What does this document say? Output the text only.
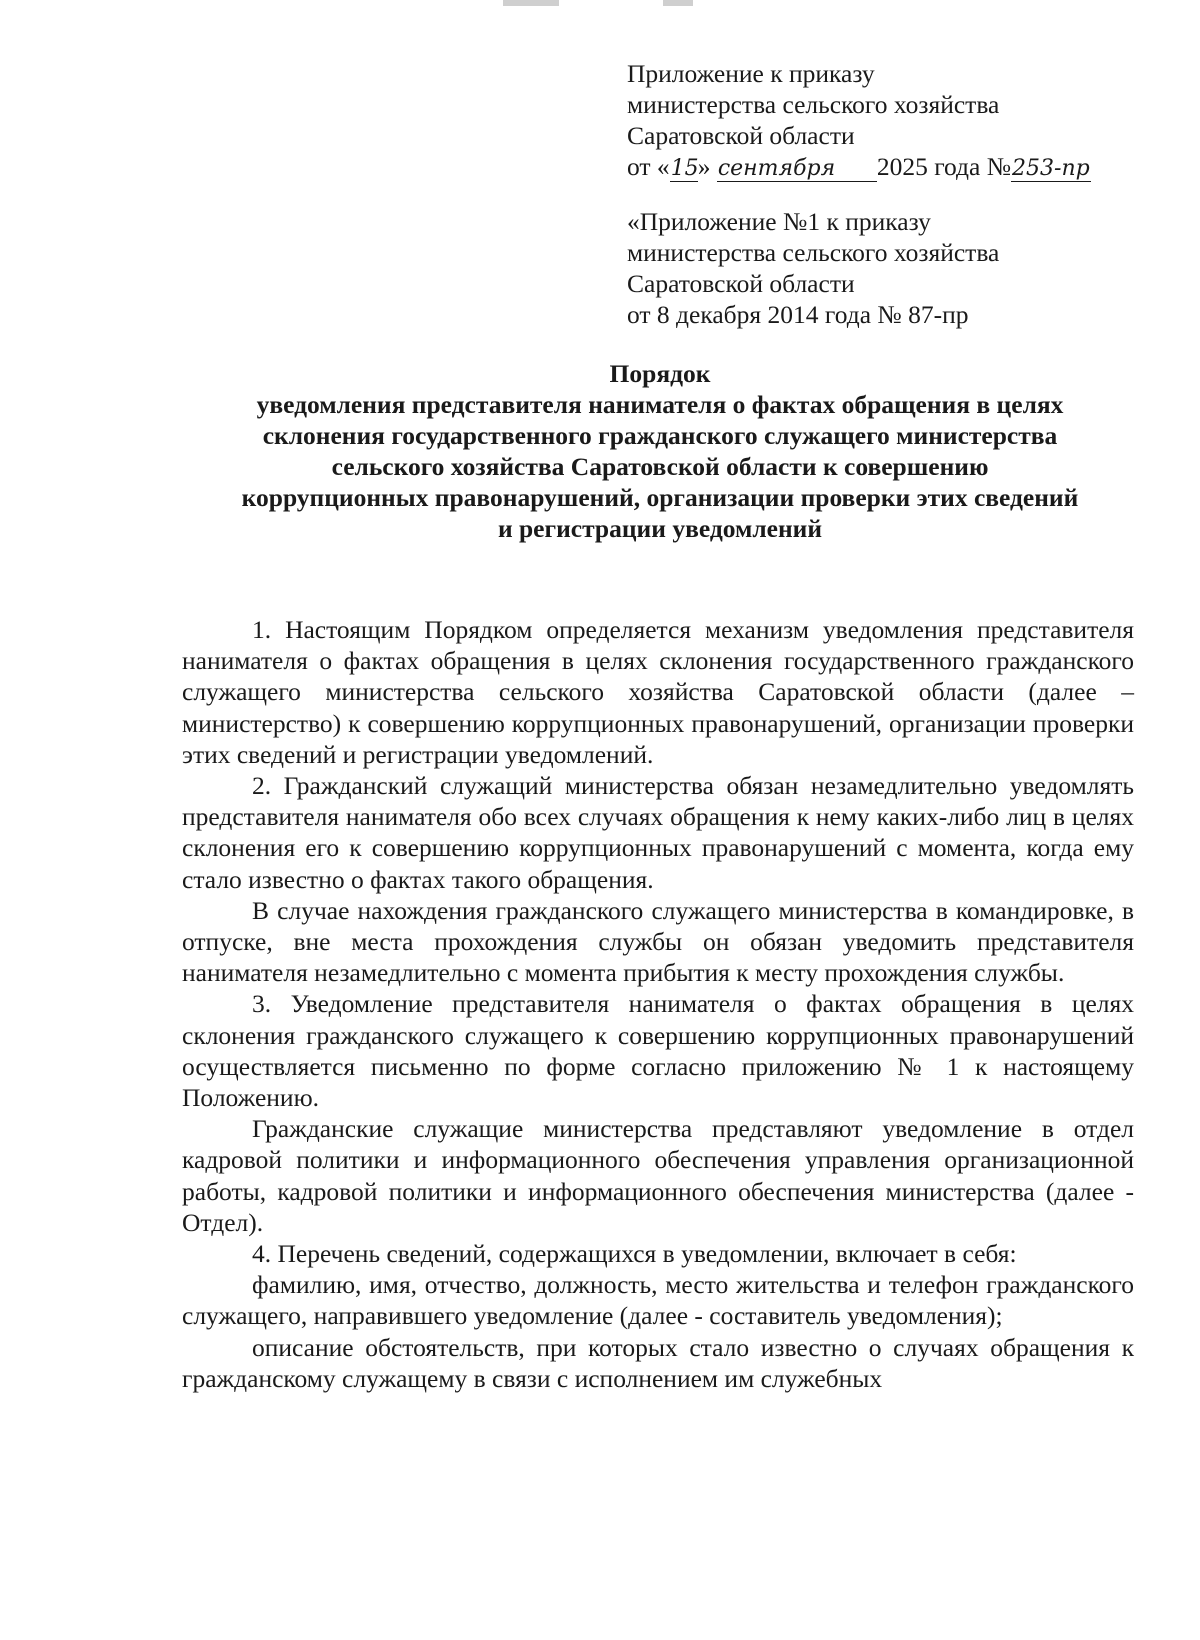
Приложение к приказу
министерства сельского хозяйства
Саратовской области
от «15» сентября 2025 года №253-пр
«Приложение №1 к приказу
министерства сельского хозяйства
Саратовской области
от 8 декабря 2014 года № 87-пр
Порядок
уведомления представителя нанимателя о фактах обращения в целях
склонения государственного гражданского служащего министерства
сельского хозяйства Саратовской области к совершению
коррупционных правонарушений, организации проверки этих сведений
и регистрации уведомлений

1. Настоящим Порядком определяется механизм уведомления представителя нанимателя о фактах обращения в целях склонения государственного гражданского служащего министерства сельского хозяйства Саратовской области (далее – министерство) к совершению коррупционных правонарушений, организации проверки этих сведений и регистрации уведомлений.

2. Гражданский служащий министерства обязан незамедлительно уведомлять представителя нанимателя обо всех случаях обращения к нему каких-либо лиц в целях склонения его к совершению коррупционных правонарушений с момента, когда ему стало известно о фактах такого обращения.

В случае нахождения гражданского служащего министерства в командировке, в отпуске, вне места прохождения службы он обязан уведомить представителя нанимателя незамедлительно с момента прибытия к месту прохождения службы.

3. Уведомление представителя нанимателя о фактах обращения в целях склонения гражданского служащего к совершению коррупционных правонарушений осуществляется письменно по форме согласно приложению № 1 к настоящему Положению.

Гражданские служащие министерства представляют уведомление в отдел кадровой политики и информационного обеспечения управления организационной работы, кадровой политики и информационного обеспечения министерства (далее - Отдел).

4. Перечень сведений, содержащихся в уведомлении, включает в себя:

фамилию, имя, отчество, должность, место жительства и телефон гражданского служащего, направившего уведомление (далее - составитель уведомления);

описание обстоятельств, при которых стало известно о случаях обращения к гражданскому служащему в связи с исполнением им служебных
